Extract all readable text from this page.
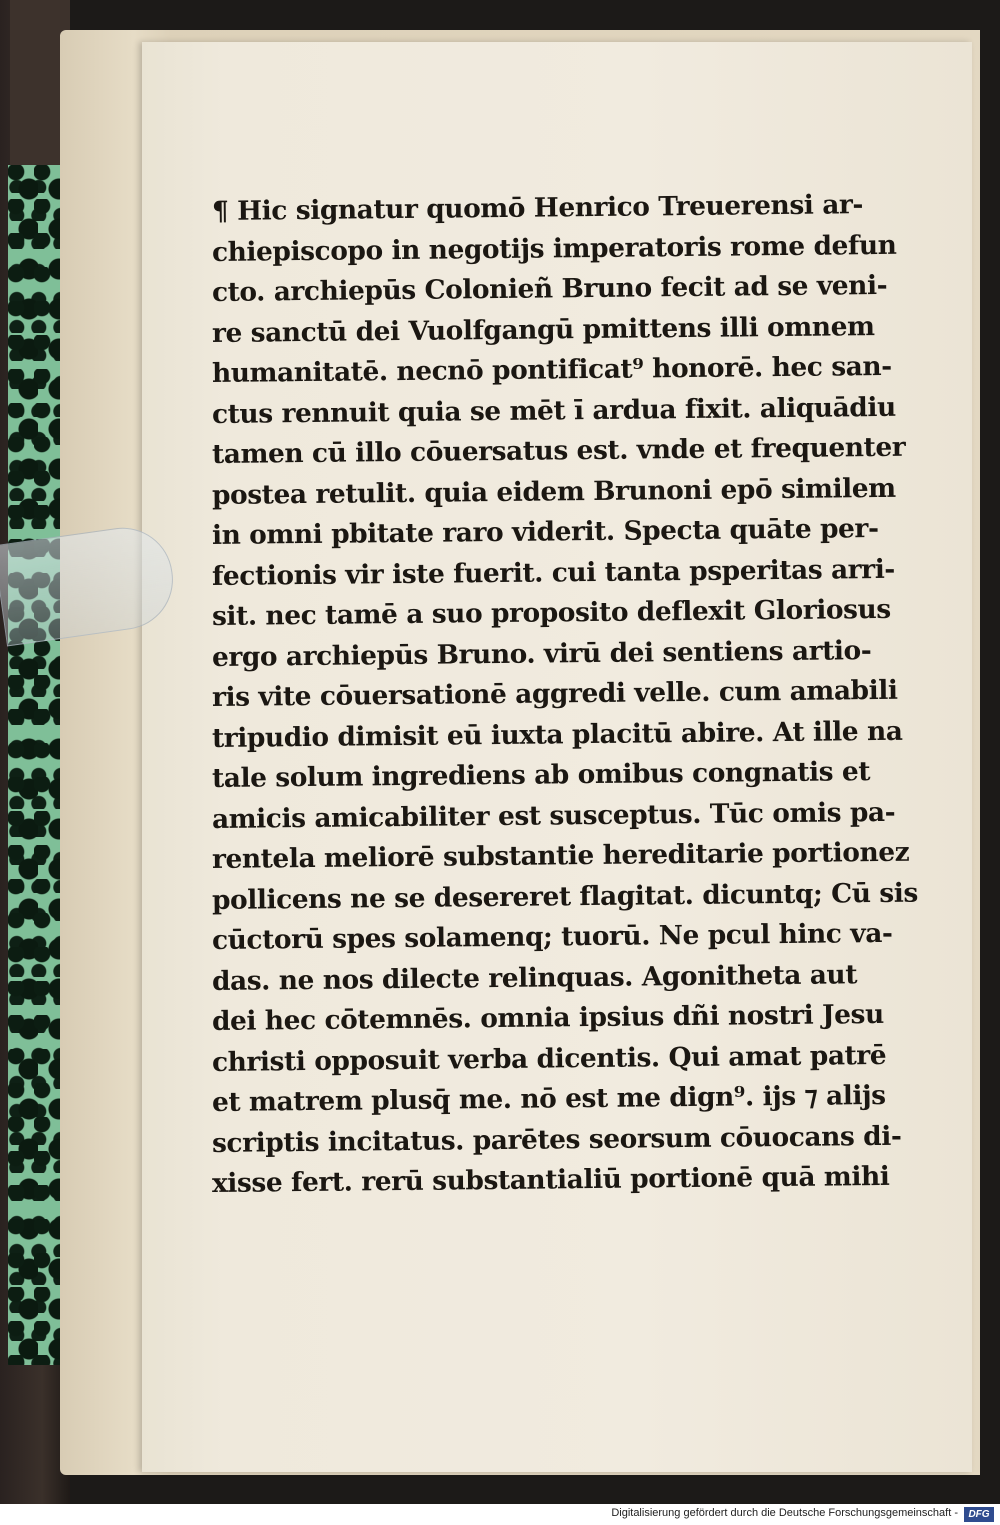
¶ Hic signatur quomō Henrico Treuerensi ar-
chiepiscopo in negotijs imperatoris rome defun
cto. archiepūs Colonieñ Bruno fecit ad se veni-
re sanctū dei Vuolfgangū pmittens illi omnem
humanitatē. necnō pontificat⁹ honorē. hec san-
ctus rennuit quia se mēt ī ardua fixit. aliquādiu
tamen cū illo cōuersatus est. vnde et frequenter
postea retulit. quia eidem Brunoni epō similem
in omni pbitate raro viderit. Specta quāte per-
fectionis vir iste fuerit. cui tanta psperitas arri-
sit. nec tamē a suo proposito deflexit Gloriosus
ergo archiepūs Bruno. virū dei sentiens artio-
ris vite cōuersationē aggredi velle. cum amabili
tripudio dimisit eū iuxta placitū abire. At ille na
tale solum ingrediens ab omibus congnatis et
amicis amicabiliter est susceptus. Tūc omis pa-
rentela meliorē substantie hereditarie portionez
pollicens ne se desereret flagitat. dicuntq; Cū sis
cūctorū spes solamenq; tuorū. Ne pcul hinc va-
das. ne nos dilecte relinquas. Agonitheta aut
dei hec cōtemnēs. omnia ipsius dñi nostri Jesu
christi opposuit verba dicentis. Qui amat patrē
et matrem plusq̄ me. nō est me dign⁹. ijs ⁊ alijs
scriptis incitatus. parētes seorsum cōuocans di-
xisse fert. rerū substantialiū portionē quā mihi
Digitalisierung gefördert durch die Deutsche Forschungsgemeinschaft -	DFG
